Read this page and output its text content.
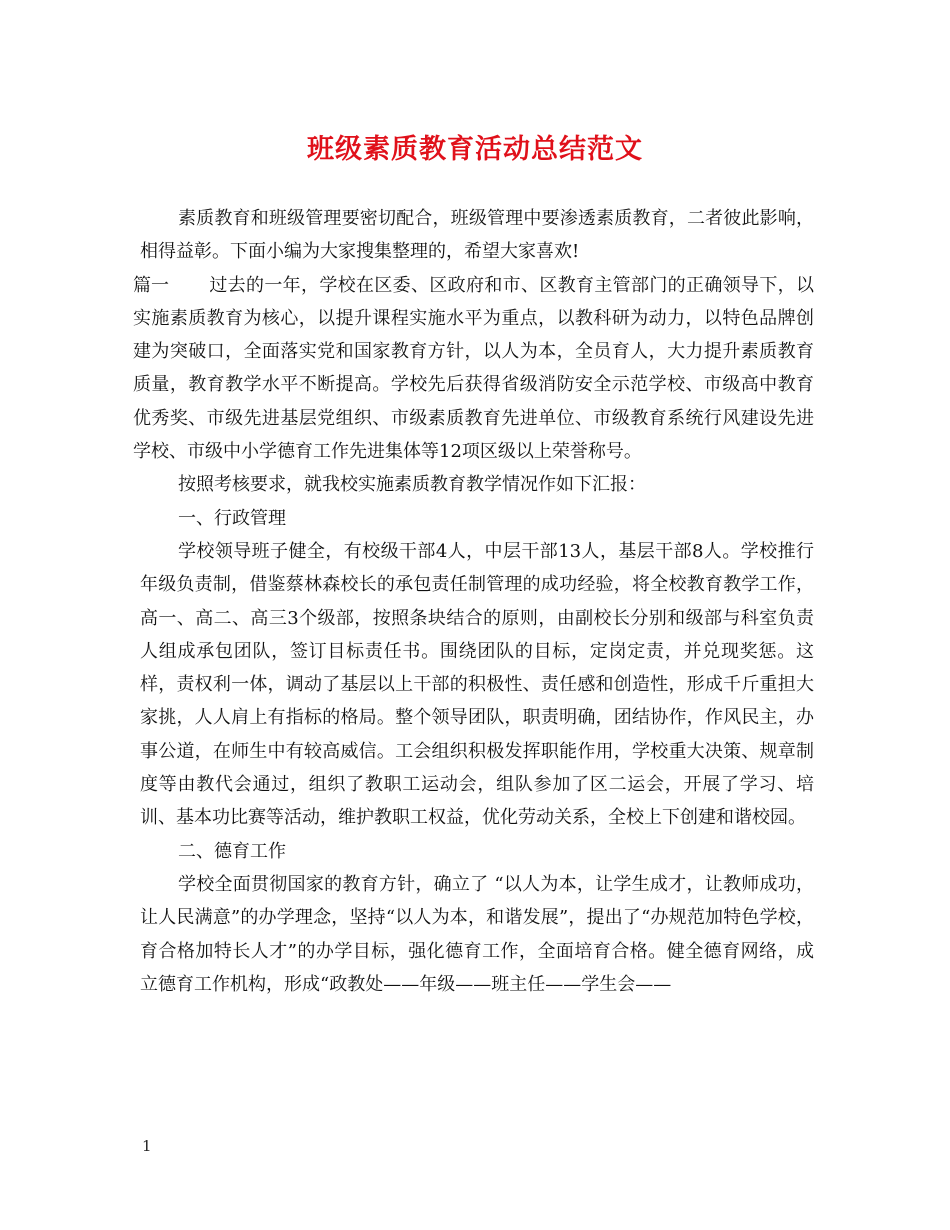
班级素质教育活动总结范文

素质教育和班级管理要密切配合，班级管理中要渗透素质教育，二者彼此影响，相得益彰。下面小编为大家搜集整理的，希望大家喜欢!

篇一 过去的一年，学校在区委、区政府和市、区教育主管部门的正确领导下，以实施素质教育为核心，以提升课程实施水平为重点，以教科研为动力，以特色品牌创建为突破口，全面落实党和国家教育方针，以人为本，全员育人，大力提升素质教育质量，教育教学水平不断提高。学校先后获得省级消防安全示范学校、市级高中教育优秀奖、市级先进基层党组织、市级素质教育先进单位、市级教育系统行风建设先进学校、市级中小学德育工作先进集体等12项区级以上荣誉称号。

按照考核要求，就我校实施素质教育教学情况作如下汇报：

一、行政管理

学校领导班子健全，有校级干部4人，中层干部13人，基层干部8人。学校推行年级负责制，借鉴蔡林森校长的承包责任制管理的成功经验，将全校教育教学工作，高一、高二、高三3个级部，按照条块结合的原则，由副校长分别和级部与科室负责人组成承包团队，签订目标责任书。围绕团队的目标，定岗定责，并兑现奖惩。这样，责权利一体，调动了基层以上干部的积极性、责任感和创造性，形成千斤重担大家挑，人人肩上有指标的格局。整个领导团队，职责明确，团结协作，作风民主，办事公道，在师生中有较高威信。工会组织积极发挥职能作用，学校重大决策、规章制度等由教代会通过，组织了教职工运动会，组队参加了区二运会，开展了学习、培训、基本功比赛等活动，维护教职工权益，优化劳动关系，全校上下创建和谐校园。

二、德育工作

学校全面贯彻国家的教育方针，确立了 “以人为本，让学生成才，让教师成功，让人民满意”的办学理念，坚持“以人为本，和谐发展”，提出了“办规范加特色学校，育合格加特长人才”的办学目标，强化德育工作，全面培育合格。健全德育网络，成立德育工作机构，形成“政教处——年级——班主任——学生会——

1
